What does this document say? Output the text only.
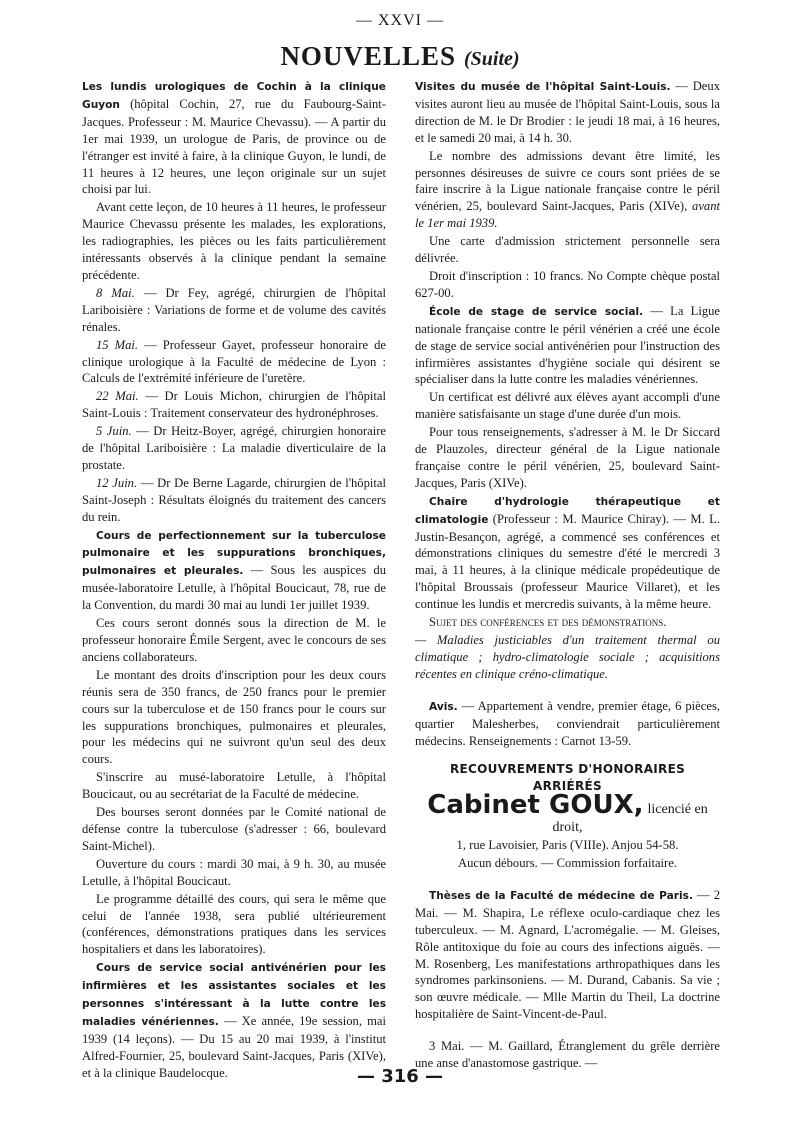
— XXVI —
NOUVELLES (Suite)

Les lundis urologiques de Cochin à la clinique Guyon (hôpital Cochin, 27, rue du Faubourg-Saint-Jacques. Professeur : M. Maurice Chevassu). — A partir du 1er mai 1939, un urologue de Paris, de province ou de l'étranger est invité à faire, à la clinique Guyon, le lundi, de 11 heures à 12 heures, une leçon originale sur un sujet choisi par lui.

Avant cette leçon, de 10 heures à 11 heures, le professeur Maurice Chevassu présente les malades, les explorations, les radiographies, les pièces ou les faits particulièrement intéressants observés à la clinique pendant la semaine précédente.

8 Mai. — Dr Fey, agrégé, chirurgien de l'hôpital Lariboisière : Variations de forme et de volume des cavités rénales.

15 Mai. — Professeur Gayet, professeur honoraire de clinique urologique à la Faculté de médecine de Lyon : Calculs de l'extrémité inférieure de l'uretère.

22 Mai. — Dr Louis Michon, chirurgien de l'hôpital Saint-Louis : Traitement conservateur des hydronéphroses.

5 Juin. — Dr Heitz-Boyer, agrégé, chirurgien honoraire de l'hôpital Lariboisière : La maladie diverticulaire de la prostate.

12 Juin. — Dr De Berne Lagarde, chirurgien de l'hôpital Saint-Joseph : Résultats éloignés du traitement des cancers du rein.

Cours de perfectionnement sur la tuberculose pulmonaire et les suppurations bronchiques, pulmonaires et pleurales. — Sous les auspices du musée-laboratoire Letulle, à l'hôpital Boucicaut, 78, rue de la Convention, du mardi 30 mai au lundi 1er juillet 1939.

Ces cours seront donnés sous la direction de M. le professeur honoraire Émile Sergent, avec le concours de ses anciens collaborateurs.

Le montant des droits d'inscription pour les deux cours réunis sera de 350 francs, de 250 francs pour le premier cours sur la tuberculose et de 150 francs pour le cours sur les suppurations bronchiques, pulmonaires et pleurales, pour les médecins qui ne suivront qu'un seul des deux cours.

S'inscrire au musé-laboratoire Letulle, à l'hôpital Boucicaut, ou au secrétariat de la Faculté de médecine.

Des bourses seront données par le Comité national de défense contre la tuberculose (s'adresser : 66, boulevard Saint-Michel).

Ouverture du cours : mardi 30 mai, à 9 h. 30, au musée Letulle, à l'hôpital Boucicaut.

Le programme détaillé des cours, qui sera le même que celui de l'année 1938, sera publié ultérieurement (conférences, démonstrations pratiques dans les services hospitaliers et dans les laboratoires).

Cours de service social antivénérien pour les infirmières et les assistantes sociales et les personnes s'intéressant à la lutte contre les maladies vénériennes. — Xe année, 19e session, mai 1939 (14 leçons). — Du 15 au 20 mai 1939, à l'institut Alfred-Fournier, 25, boulevard Saint-Jacques, Paris (XIVe), et à la clinique Baudelocque.

Visites du musée de l'hôpital Saint-Louis. — Deux visites auront lieu au musée de l'hôpital Saint-Louis, sous la direction de M. le Dr Brodier : le jeudi 18 mai, à 16 heures, et le samedi 20 mai, à 14 h. 30.

Le nombre des admissions devant être limité, les personnes désireuses de suivre ce cours sont priées de se faire inscrire à la Ligue nationale française contre le péril vénérien, 25, boulevard Saint-Jacques, Paris (XIVe), avant le 1er mai 1939.

Une carte d'admission strictement personnelle sera délivrée.

Droit d'inscription : 10 francs. No Compte chèque postal 627-00.

École de stage de service social. — La Ligue nationale française contre le péril vénérien a créé une école de stage de service social antivénérien pour l'instruction des infirmières assistantes d'hygiène sociale qui désirent se spécialiser dans la lutte contre les maladies vénériennes.

Un certificat est délivré aux élèves ayant accompli d'une manière satisfaisante un stage d'une durée d'un mois.

Pour tous renseignements, s'adresser à M. le Dr Siccard de Plauzoles, directeur général de la Ligue nationale française contre le péril vénérien, 25, boulevard Saint-Jacques, Paris (XIVe).

Chaire d'hydrologie thérapeutique et climatologie (Professeur : M. Maurice Chiray). — M. L. Justin-Besançon, agrégé, a commencé ses conférences et démonstrations cliniques du semestre d'été le mercredi 3 mai, à 11 heures, à la clinique médicale propédeutique de l'hôpital Broussais (professeur Maurice Villaret), et les continue les lundis et mercredis suivants, à la même heure.

Sujet des conférences et des démonstrations.

— Maladies justiciables d'un traitement thermal ou climatique ; hydro-climatologie sociale ; acquisitions récentes en clinique créno-climatique.

Avis. — Appartement à vendre, premier étage, 6 pièces, quartier Malesherbes, conviendrait particulièrement médecins. Renseignements : Carnot 13-59.

RECOUVREMENTS D'HONORAIRES ARRIÉRÉS
Cabinet GOUX, licencié en droit,

1, rue Lavoisier, Paris (VIIIe). Anjou 54-58.

Aucun débours. — Commission forfaitaire.

Thèses de la Faculté de médecine de Paris. — 2 Mai. — M. Shapira, Le réflexe oculo-cardiaque chez les tuberculeux. — M. Agnard, L'acromégalie. — M. Gleises, Rôle antitoxique du foie au cours des infections aiguës. — M. Rosenberg, Les manifestations arthropathiques dans les syndromes parkinsoniens. — M. Durand, Cabanis. Sa vie ; son œuvre médicale. — Mlle Martin du Theil, La doctrine hospitalière de Saint-Vincent-de-Paul.

3 Mai. — M. Gaillard, Étranglement du grêle derrière une anse d'anastomose gastrique. —

— 316 —
